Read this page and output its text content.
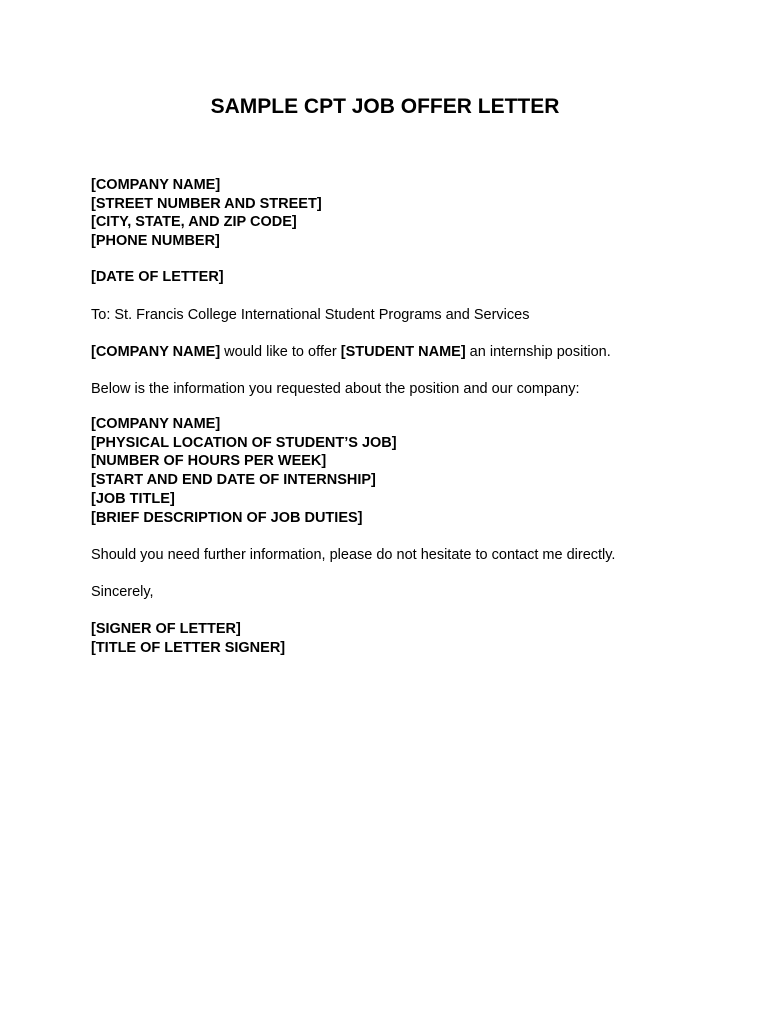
SAMPLE CPT JOB OFFER LETTER
[COMPANY NAME]
[STREET NUMBER AND STREET]
[CITY, STATE, AND ZIP CODE]
[PHONE NUMBER]
[DATE OF LETTER]
To: St. Francis College International Student Programs and Services
[COMPANY NAME] would like to offer [STUDENT NAME] an internship position.
Below is the information you requested about the position and our company:
[COMPANY NAME]
[PHYSICAL LOCATION OF STUDENT’S JOB]
[NUMBER OF HOURS PER WEEK]
[START AND END DATE OF INTERNSHIP]
[JOB TITLE]
[BRIEF DESCRIPTION OF JOB DUTIES]
Should you need further information, please do not hesitate to contact me directly.
Sincerely,
[SIGNER OF LETTER]
[TITLE OF LETTER SIGNER]
